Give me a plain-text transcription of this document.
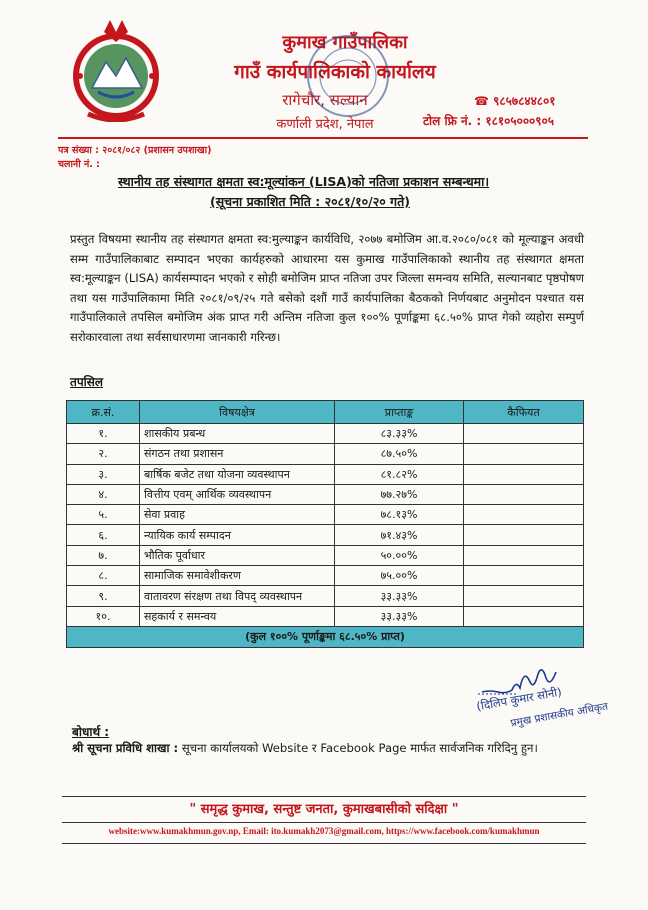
कुमाख गाउँपालिका
गाउँ कार्यपालिकाको कार्यालय
रागेचौर, सल्यान
कर्णाली प्रदेश, नेपाल
☎ ९८५७८४४८०१
टोल फ्रि नं. : १८१०५०००९०५
पत्र संख्या : २०८१/०८२ (प्रशासन उपशाखा)
चलानी नं. :
स्थानीय तह संस्थागत क्षमता स्व:मूल्यांकन (LISA)को नतिजा प्रकाशन सम्बन्धमा।
(सूचना प्रकाशित मिति : २०८१/१०/२० गते)
प्रस्तुत विषयमा स्थानीय तह संस्थागत क्षमता स्व:मुल्याङ्कन कार्यविधि, २०७७ बमोजिम आ.व.२०८०/०८१ को मूल्याङ्कन अवधी सम्म गाउँपालिकाबाट सम्पादन भएका कार्यहरुको आधारमा यस कुमाख गाउँपालिकाको स्थानीय तह संस्थागत क्षमता स्व:मूल्याङ्कन (LISA) कार्यसम्पादन भएको र सोही बमोजिम प्राप्त नतिजा उपर जिल्ला समन्वय समिति, सल्यानबाट पृष्ठपोषण तथा यस गाउँपालिकामा मिति २०८१/०९/२५ गते बसेको दशौं गाउँ कार्यपालिका बैठकको निर्णयबाट अनुमोदन पश्चात यस गाउँपालिकाले तपसिल बमोजिम अंक प्राप्त गरी अन्तिम नतिजा कुल १००% पूर्णाङ्कमा ६८.५०% प्राप्त गेको व्यहोरा सम्पुर्ण सरोकारवाला तथा सर्वसाधारणमा जानकारी गरिन्छ।
तपसिल
क्र.सं.	विषयक्षेत्र	प्राप्ताङ्क	कैफियत
१.	शासकीय प्रबन्ध	८३.३३%	
२.	संगठन तथा प्रशासन	८७.५०%	
३.	बार्षिक बजेट तथा योजना व्यवस्थापन	८१.८२%	
४.	वित्तीय एवम् आर्थिक व्यवस्थापन	७७.२७%	
५.	सेवा प्रवाह	७८.१३%	
६.	न्यायिक कार्य सम्पादन	७१.४३%	
७.	भौतिक पूर्वाधार	५०.००%	
८.	सामाजिक समावेशीकरण	७५.००%	
९.	वातावरण संरक्षण तथा विपद् व्यवस्थापन	३३.३३%	
१०.	सहकार्य र समन्वय	३३.३३%	
(कुल १००% पूर्णाङ्कमा ६८.५०% प्राप्त)			
(दिलिप कुमार सोनी)
प्रमुख प्रशासकीय अधिकृत
बोधार्थ :
श्री सूचना प्रविधि शाखा : सूचना कार्यालयको Website र Facebook Page मार्फत सार्वजनिक गरिदिनु हुन।
" समृद्ध कुमाख, सन्तुष्ट जनता, कुमाखबासीको सदिक्षा "
website:www.kumakhmun.gov.np, Email: ito.kumakh2073@gmail.com, https://www.facebook.com/kumakhmun
